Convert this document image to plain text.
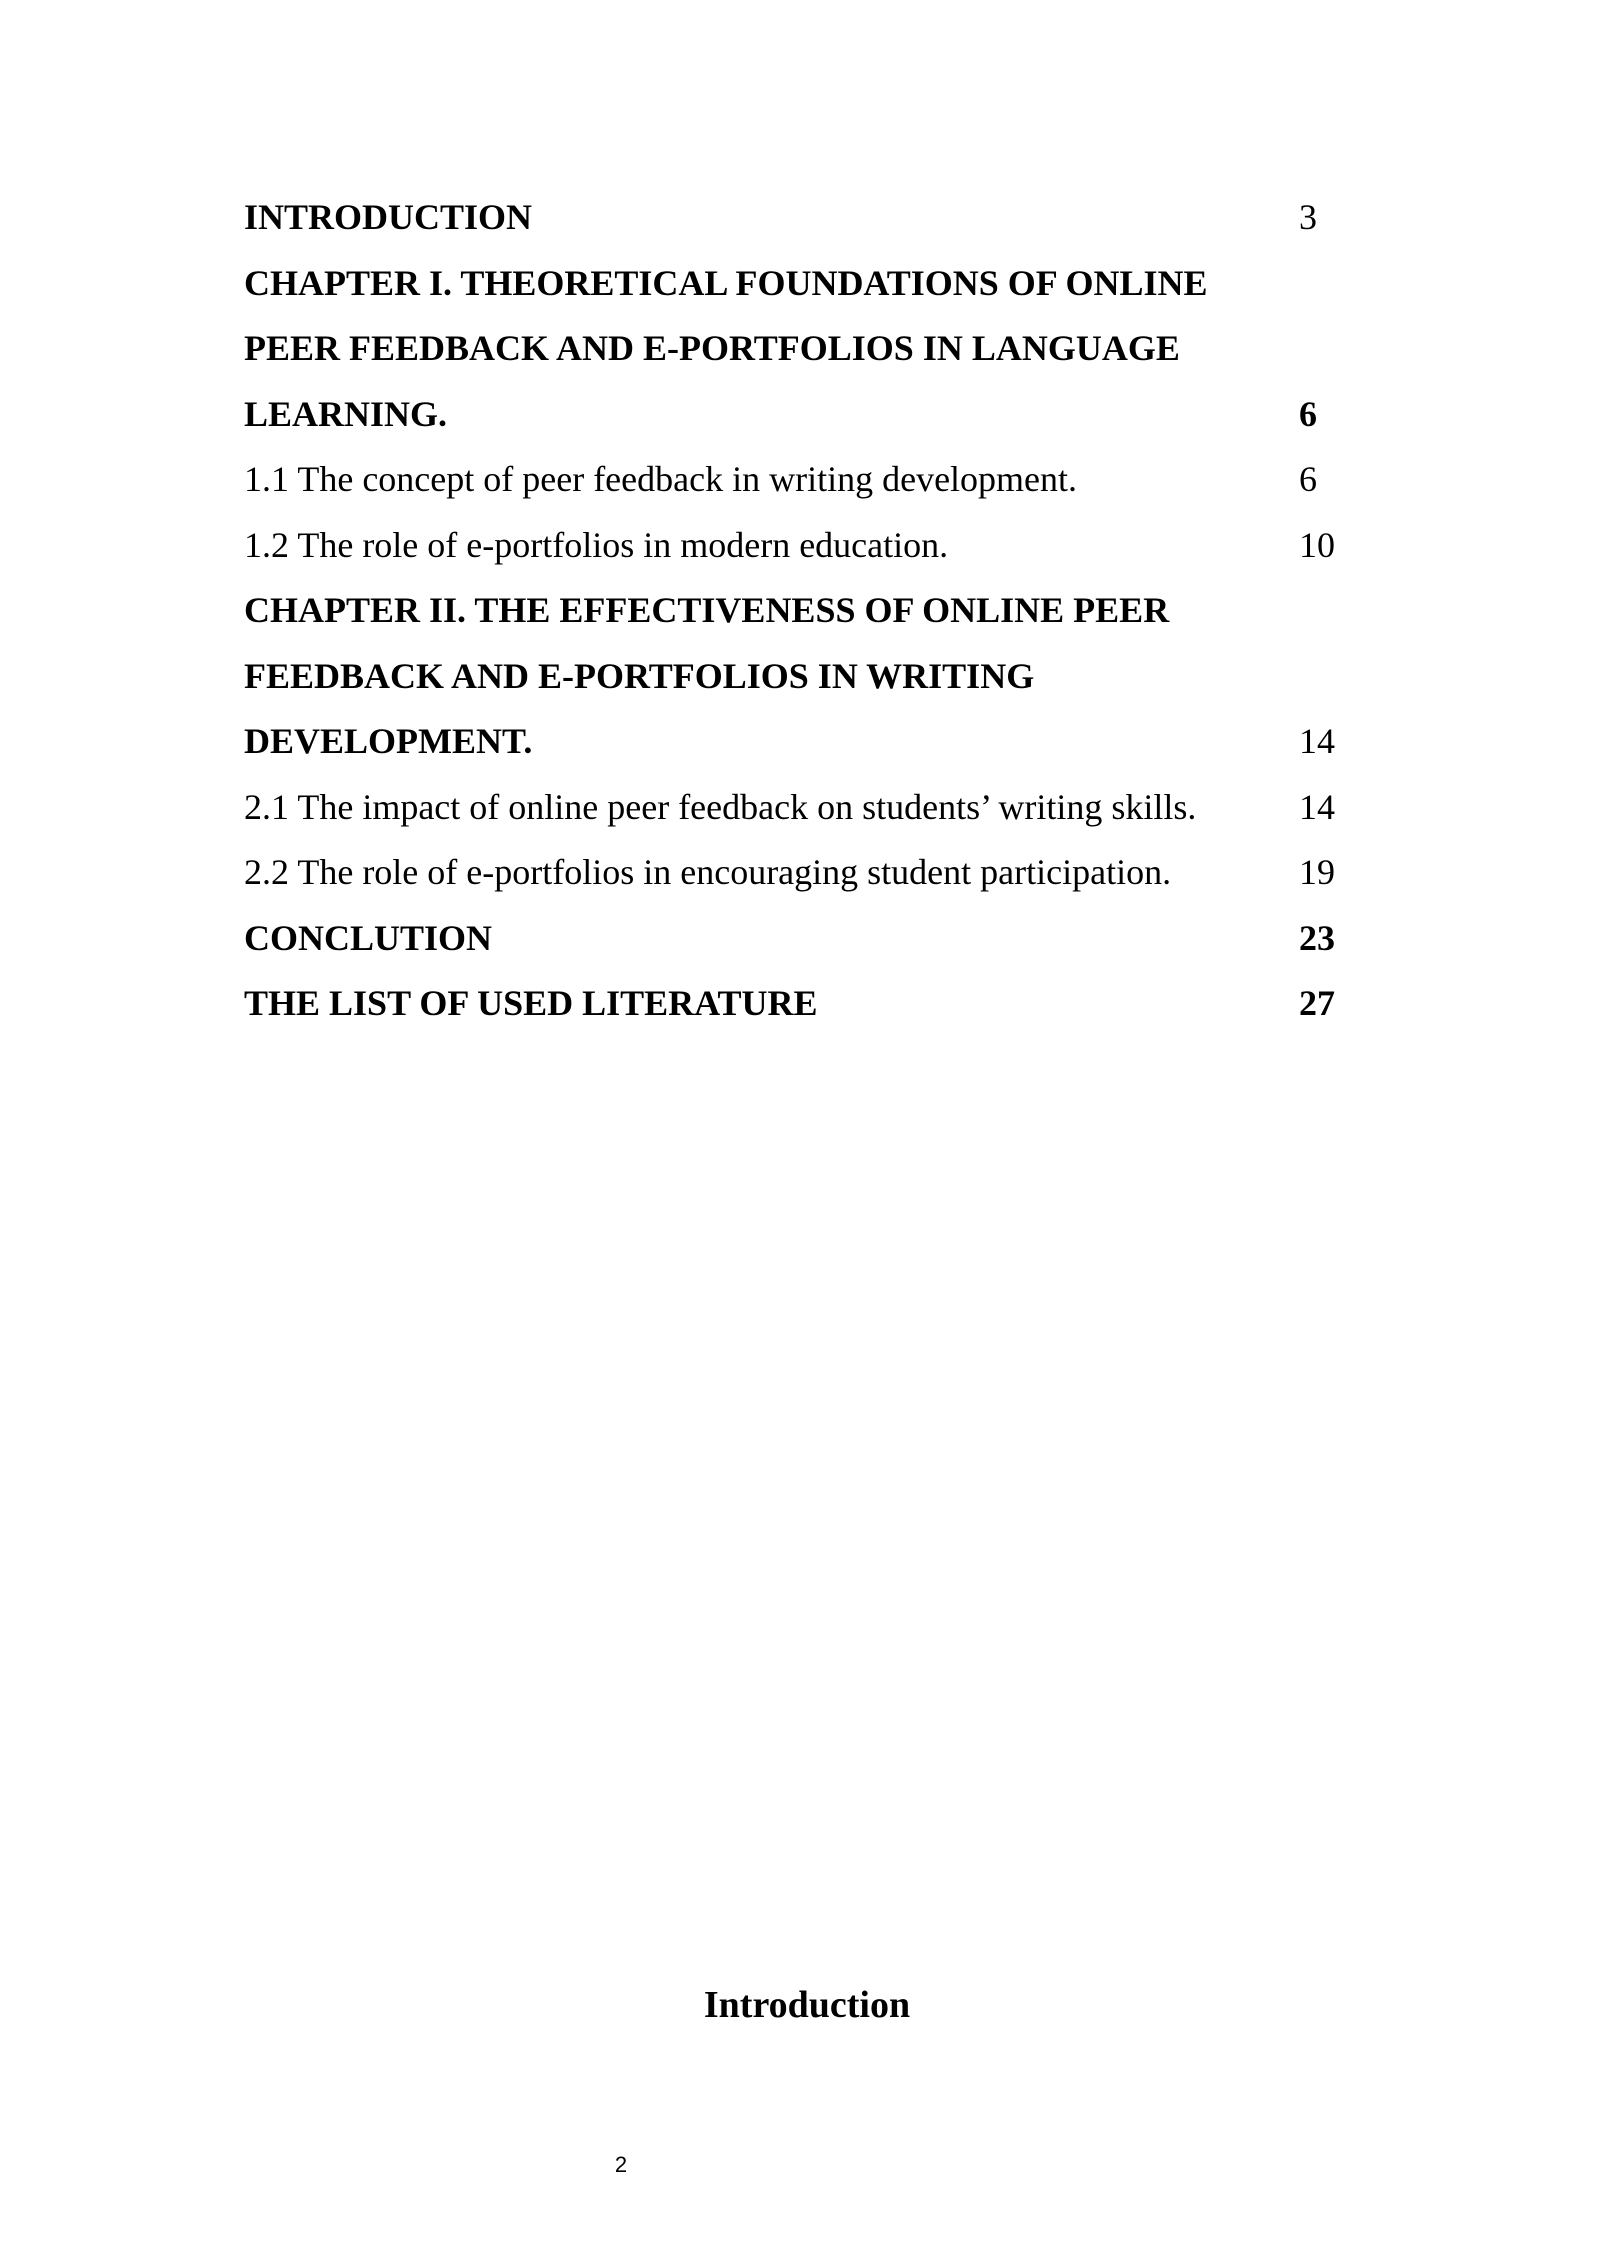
INTRODUCTION	3
CHAPTER I. THEORETICAL FOUNDATIONS OF ONLINE
PEER FEEDBACK AND E-PORTFOLIOS IN LANGUAGE
LEARNING.	6
1.1 The concept of peer feedback in writing development.	6
1.2 The role of e-portfolios in modern education.	10
CHAPTER II. THE EFFECTIVENESS OF ONLINE PEER
FEEDBACK AND E-PORTFOLIOS IN WRITING
DEVELOPMENT.	14
2.1 The impact of online peer feedback on students’ writing skills.	14
2.2 The role of e-portfolios in encouraging student participation.	19
CONCLUTION	23
THE LIST OF USED LITERATURE	27
Introduction
2
